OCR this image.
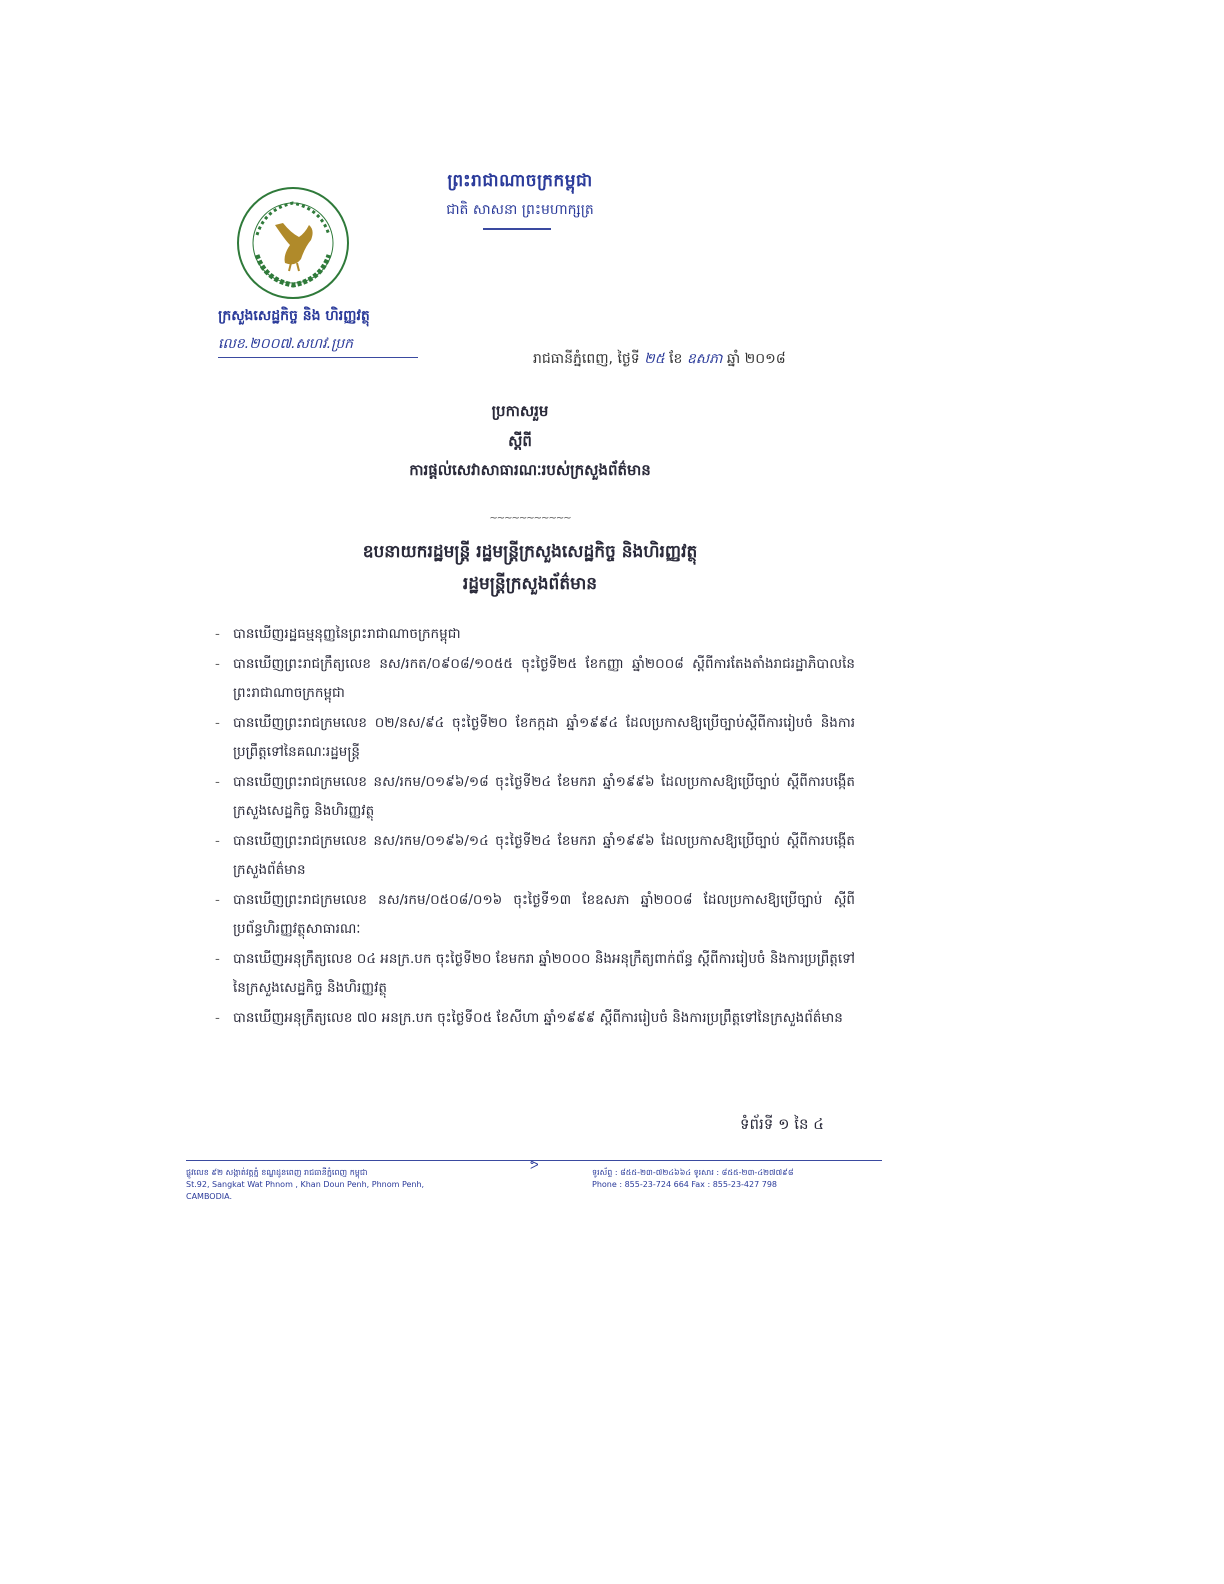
ព្រះរាជាណាចក្រកម្ពុជា
ជាតិ សាសនា ព្រះមហាក្សត្រ
ក្រសួងសេដ្ឋកិច្ច និង ហិរញ្ញវត្ថុ
លេខ.២០០៧.សហវ.ប្រក
រាជធានីភ្នំពេញ, ថ្ងៃទី ២៥ ខែ ឧសភា ឆ្នាំ ២០១៨
ប្រកាសរួម
ស្តីពី
ការផ្តល់សេវាសាធារណៈរបស់ក្រសួងព័ត៌មាន
~~~~~~~~~~~
ឧបនាយករដ្ឋមន្ត្រី រដ្ឋមន្ត្រីក្រសួងសេដ្ឋកិច្ច និងហិរញ្ញវត្ថុ
រដ្ឋមន្ត្រីក្រសួងព័ត៌មាន
- បានឃើញរដ្ឋធម្មនុញ្ញនៃព្រះរាជាណាចក្រកម្ពុជា
- បានឃើញព្រះរាជក្រឹត្យលេខ នស/រកត/០៩០៨/១០៥៥ ចុះថ្ងៃទី២៥ ខែកញ្ញា ឆ្នាំ២០០៨ ស្តីពីការតែងតាំងរាជរដ្ឋាភិបាលនៃព្រះរាជាណាចក្រកម្ពុជា
- បានឃើញព្រះរាជក្រមលេខ ០២/នស/៩៤ ចុះថ្ងៃទី២០ ខែកក្កដា ឆ្នាំ១៩៩៤ ដែលប្រកាសឱ្យប្រើច្បាប់ស្តីពីការរៀបចំ និងការប្រព្រឹត្តទៅនៃគណៈរដ្ឋមន្ត្រី
- បានឃើញព្រះរាជក្រមលេខ នស/រកម/០១៩៦/១៨ ចុះថ្ងៃទី២៤ ខែមករា ឆ្នាំ១៩៩៦ ដែលប្រកាសឱ្យប្រើច្បាប់ ស្តីពីការបង្កើតក្រសួងសេដ្ឋកិច្ច និងហិរញ្ញវត្ថុ
- បានឃើញព្រះរាជក្រមលេខ នស/រកម/០១៩៦/១៤ ចុះថ្ងៃទី២៤ ខែមករា ឆ្នាំ១៩៩៦ ដែលប្រកាសឱ្យប្រើច្បាប់ ស្តីពីការបង្កើតក្រសួងព័ត៌មាន
- បានឃើញព្រះរាជក្រមលេខ នស/រកម/០៥០៨/០១៦ ចុះថ្ងៃទី១៣ ខែឧសភា ឆ្នាំ២០០៨ ដែលប្រកាសឱ្យប្រើច្បាប់ ស្តីពីប្រព័ន្ធហិរញ្ញវត្ថុសាធារណៈ
- បានឃើញអនុក្រឹត្យលេខ ០៤ អនក្រ.បក ចុះថ្ងៃទី២០ ខែមករា ឆ្នាំ២០០០ និងអនុក្រឹត្យពាក់ព័ន្ធ ស្តីពីការរៀបចំ និងការប្រព្រឹត្តទៅនៃក្រសួងសេដ្ឋកិច្ច និងហិរញ្ញវត្ថុ
- បានឃើញអនុក្រឹត្យលេខ ៧០ អនក្រ.បក ចុះថ្ងៃទី០៥ ខែសីហា ឆ្នាំ១៩៩៩ ស្តីពីការរៀបចំ និងការប្រព្រឹត្តទៅនៃក្រសួងព័ត៌មាន
ទំព័រទី ១ នៃ ៤
ᕗ
ផ្លូវលេខ ៩២ សង្កាត់វត្តភ្នំ ខណ្ឌដូនពេញ រាជធានីភ្នំពេញ កម្ពុជា
St.92, Sangkat Wat Phnom , Khan Doun Penh, Phnom Penh, CAMBODIA.
ទូរស័ព្ទ : ៨៥៥-២៣-៧២៤៦៦៤ ទូរសារ : ៨៥៥-២៣-៤២៧៧៩៨
Phone : 855-23-724 664 Fax : 855-23-427 798
